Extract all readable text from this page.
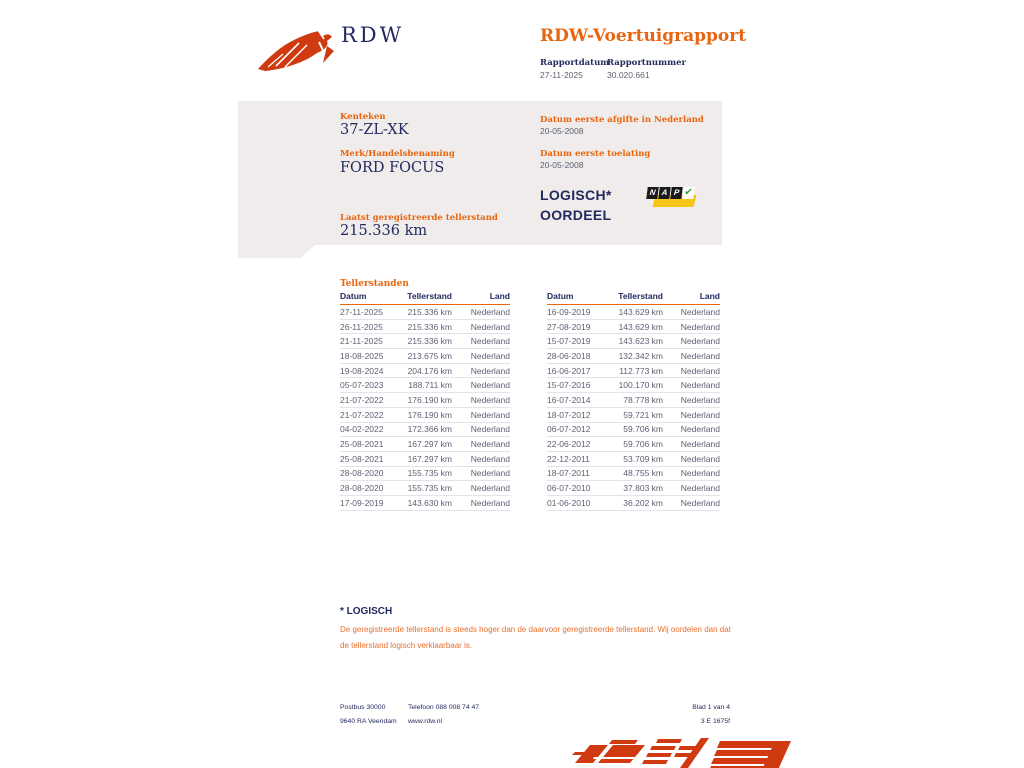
RDW	RDW-Voertuigrapport
Rapportdatum
27-11-2025
Rapportnummer
30.020.661
Kenteken
37-ZL-XK
Merk/Handelsbenaming
FORD FOCUS
Laatst geregistreerde tellerstand
215.336 km
Datum eerste afgifte in Nederland
20-05-2008
Datum eerste toelating
20-05-2008
LOGISCH*
OORDEEL
N A P ✔
Tellerstanden
Datum	Tellerstand	Land
27-11-2025	215.336 km	Nederland
26-11-2025	215.336 km	Nederland
21-11-2025	215.336 km	Nederland
18-08-2025	213.675 km	Nederland
19-08-2024	204.176 km	Nederland
05-07-2023	188.711 km	Nederland
21-07-2022	176.190 km	Nederland
21-07-2022	176.190 km	Nederland
04-02-2022	172.366 km	Nederland
25-08-2021	167.297 km	Nederland
25-08-2021	167.297 km	Nederland
28-08-2020	155.735 km	Nederland
28-08-2020	155.735 km	Nederland
17-09-2019	143.630 km	Nederland
Datum	Tellerstand	Land
16-09-2019	143.629 km	Nederland
27-08-2019	143.629 km	Nederland
15-07-2019	143.623 km	Nederland
28-06-2018	132.342 km	Nederland
16-06-2017	112.773 km	Nederland
15-07-2016	100.170 km	Nederland
16-07-2014	78.778 km	Nederland
18-07-2012	59.721 km	Nederland
06-07-2012	59.706 km	Nederland
22-06-2012	59.706 km	Nederland
22-12-2011	53.709 km	Nederland
18-07-2011	48.755 km	Nederland
06-07-2010	37.803 km	Nederland
01-06-2010	36.202 km	Nederland
* LOGISCH
De geregistreerde tellerstand is steeds hoger dan de daarvoor geregistreerde tellerstand. Wij oordelen dan dat de tellerstand logisch verklaarbaar is.
Postbus 30000
9640 RA Veendam
Telefoon 088 008 74 47
www.rdw.nl
Blad 1 van 4
3 E 1675f
